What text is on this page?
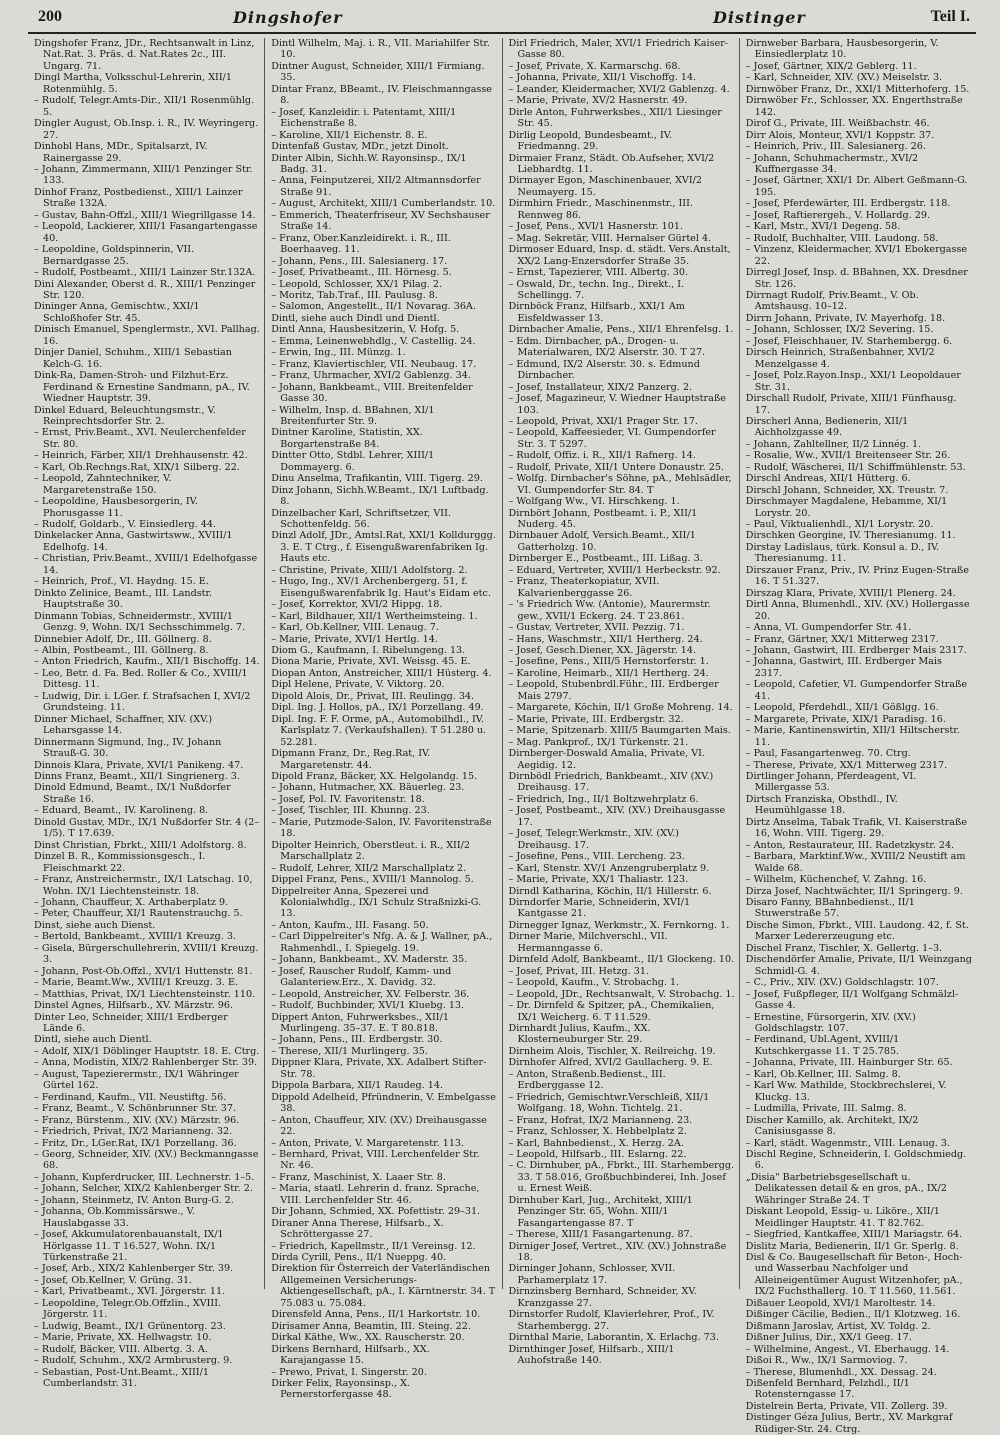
200	Dingshofer	Distinger	Teil I.

Dingshofer Franz, JDr., Rechtsanwalt in Linz, Nat.Rat. 3. Präs. d. Nat.Rates 2c., III. Ungarg. 71.

Dingl Martha, Volksschul-Lehrerin, XII/1 Rotenmühlg. 5.

– Rudolf, Telegr.Amts-Dir., XII/1 Rosenmühlg. 5.

Dingler August, Ob.Insp. i. R., IV. Weyringerg. 27.

Dinhobl Hans, MDr., Spitalsarzt, IV. Rainergasse 29.

– Johann, Zimmermann, XIII/1 Penzinger Str. 133.

Dinhof Franz, Postbedienst., XIII/1 Lainzer Straße 132A.

– Gustav, Bahn-Offzl., XIII/1 Wiegrillgasse 14.

– Leopold, Lackierer, XIII/1 Fasangartengasse 40.

– Leopoldine, Goldspinnerin, VII. Bernardgasse 25.

– Rudolf, Postbeamt., XIII/1 Lainzer Str.132A.

Dini Alexander, Oberst d. R., XIII/1 Penzinger Str. 120.

Dininger Anna, Gemischtw., XXI/1 Schloßhofer Str. 45.

Dinisch Emanuel, Spenglermstr., XVI. Pallhag. 16.

Dinjer Daniel, Schuhm., XIII/1 Sebastian Kelch-G. 16.

Dink-Ra, Damen-Stroh- und Filzhut-Erz. Ferdinand & Ernestine Sandmann, pA., IV. Wiedner Hauptstr. 39.

Dinkel Eduard, Beleuchtungsmstr., V. Reinprechtsdorfer Str. 2.

– Ernst, Priv.Beamt., XVI. Neulerchenfelder Str. 80.

– Heinrich, Färber, XII/1 Drehhausenstr. 42.

– Karl, Ob.Rechngs.Rat, XIX/1 Silberg. 22.

– Leopold, Zahntechniker, V. Margaretenstraße 150.

– Leopoldine, Hausbesorgerin, IV. Phorusgasse 11.

– Rudolf, Goldarb., V. Einsiedlerg. 44.

Dinkelacker Anna, Gastwirtsww., XVIII/1 Edelhofg. 14.

– Christian, Priv.Beamt., XVIII/1 Edelhofgasse 14.

– Heinrich, Prof., VI. Haydng. 15. E.

Dinkto Zelinice, Beamt., III. Landstr. Hauptstraße 30.

Dinmann Tobias, Schneidermstr., XVIII/1 Genzg. 9, Wohn. IX/1 Sechsschimmelg. 7.

Dinnebier Adolf, Dr., III. Göllnerg. 8.

– Albin, Postbeamt., III. Göllnerg. 8.

– Anton Friedrich, Kaufm., XII/1 Bischoffg. 14.

– Leo, Betr. d. Fa. Bed. Roller & Co., XVIII/1 Dittesg. 11.

– Ludwig, Dir. i. LGer. f. Strafsachen I, XVI/2 Grundsteing. 11.

Dinner Michael, Schaffner, XIV. (XV.) Leharsgasse 14.

Dinnermann Sigmund, Ing., IV. Johann Strauß-G. 30.

Dinnois Klara, Private, XVI/1 Panikeng. 47.

Dinns Franz, Beamt., XII/1 Singrienerg. 3.

Dinold Edmund, Beamt., IX/1 Nußdorfer Straße 16.

– Eduard, Beamt., IV. Karolineng. 8.

Dinold Gustav, MDr., IX/1 Nußdorfer Str. 4 (2–1/5). T 17.639.

Dinst Christian, Fbrkt., XIII/1 Adolfstorg. 8.

Dinzel B. R., Kommissionsgesch., I. Fleischmarkt 22.

– Franz, Anstreichermstr., IX/1 Latschag. 10, Wohn. IX/1 Liechtensteinstr. 18.

– Johann, Chauffeur, X. Arthaberplatz 9.

– Peter, Chauffeur, XI/1 Rautenstrauchg. 5.

Dinst, siehe auch Dienst.

– Bertold, Bankbeamt., XVIII/1 Kreuzg. 3.

– Gisela, Bürgerschullehrerin, XVIII/1 Kreuzg. 3.

– Johann, Post-Ob.Offzl., XVI/1 Huttenstr. 81.

– Marie, Beamt.Ww., XVIII/1 Kreuzg. 3. E.

– Matthias, Privat, IX/1 Liechtensteinstr. 110.

Dinstel Agnes, Hilfsarb., XV. Märzstr. 96.

Dinter Leo, Schneider, XIII/1 Erdberger Lände 6.

Dintl, siehe auch Dientl.

– Adolf, XIX/1 Döblinger Hauptstr. 18. E. Ctrg.

– Anna, Modistin, XIX/2 Rahlenberger Str. 39.

– August, Tapezierermstr., IX/1 Währinger Gürtel 162.

– Ferdinand, Kaufm., VII. Neustiftg. 56.

– Franz, Beamt., V. Schönbrunner Str. 37.

– Franz, Bürstenm., XIV. (XV.) Märzstr. 96.

– Friedrich, Privat, IX/2 Marianneng. 32.

– Fritz, Dr., LGer.Rat, IX/1 Porzellang. 36.

– Georg, Schneider, XIV. (XV.) Beckmanngasse 68.

– Johann, Kupferdrucker, III. Lechnerstr. 1–5.

– Johann, Selcher, XIX/2 Kahlenberger Str. 2.

– Johann, Steinmetz, IV. Anton Burg-G. 2.

– Johanna, Ob.Kommissärswe., V. Hauslabgasse 33.

– Josef, Akkumulatorenbauanstalt, IX/1 Hörlgasse 11. T 16.527, Wohn. IX/1 Türkenstraße 21.

– Josef, Arb., XIX/2 Kahlenberger Str. 39.

– Josef, Ob.Kellner, V. Grüng. 31.

– Karl, Privatbeamt., XVI. Jörgerstr. 11.

– Leopoldine, Telegr.Ob.Offzlin., XVIII. Jörgerstr. 11.

– Ludwig, Beamt., IX/1 Grünentorg. 23.

– Marie, Private, XX. Hellwagstr. 10.

– Rudolf, Bäcker, VIII. Albertg. 3. A.

– Rudolf, Schuhm., XX/2 Armbrusterg. 9.

– Sebastian, Post-Unt.Beamt., XIII/1 Cumberlandstr. 31.

Dintl Wilhelm, Maj. i. R., VII. Mariahilfer Str. 10.

Dintner August, Schneider, XIII/1 Firmiang. 35.

Dintar Franz, BBeamt., IV. Fleischmanngasse 8.

– Josef, Kanzleidir. i. Patentamt, XIII/1 Eichenstraße 8.

– Karoline, XII/1 Eichenstr. 8. E.

Dintenfaß Gustav, MDr., jetzt Dinolt.

Dinter Albin, Sichh.W. Rayonsinsp., IX/1 Badg. 31.

– Anna, Feinputzerei, XII/2 Altmannsdorfer Straße 91.

– August, Architekt, XIII/1 Cumberlandstr. 10.

– Emmerich, Theaterfriseur, XV Sechshauser Straße 14.

– Franz, Ober.Kanzleidirekt. i. R., III. Boerhaaveg. 11.

– Johann, Pens., III. Salesianerg. 17.

– Josef, Privatbeamt., III. Hörnesg. 5.

– Leopold, Schlosser, XX/1 Pilag. 2.

– Moritz, Tab.Traf., III. Paulusg. 8.

– Salomon, Angestellt., II/1 Novarag. 36A.

Dintl, siehe auch Dindl und Dientl.

Dintl Anna, Hausbesitzerin, V. Hofg. 5.

– Emma, Leinenwebhdlg., V. Castellig. 24.

– Erwin, Ing., III. Münzg. 1.

– Franz, Klaviertischler, VII. Neubaug. 17.

– Franz, Uhrmacher, XVI/2 Gablenzg. 34.

– Johann, Bankbeamt., VIII. Breitenfelder Gasse 30.

– Wilhelm, Insp. d. BBahnen, XI/1 Breitenfurter Str. 9.

Dintner Karoline, Statistin, XX. Borgartenstraße 84.

Dintter Otto, Stdbl. Lehrer, XIII/1 Dommayerg. 6.

Dinu Anselma, Trafikantin, VIII. Tigerg. 29.

Dinz Johann, Sichh.W.Beamt., IX/1 Luftbadg. 8.

Dinzelbacher Karl, Schriftsetzer, VII. Schottenfeldg. 56.

Dinzl Adolf, JDr., Amtsl.Rat, XXI/1 Kolldurggg. 3. E. T Ctrg., f. Eisengußwarenfabriken Ig. Hauts etc.

– Christine, Private, XIII/1 Adolfstorg. 2.

– Hugo, Ing., XV/1 Archenbergerg. 51, f. Eisengußwarenfabrik Ig. Haut's Eidam etc.

– Josef, Korrektor, XVI/2 Hippg. 18.

– Karl, Bildhauer, XII/1 Wertheimsteing. 1.

– Karl, Ob.Kellner, VIII. Lenaug. 7.

– Marie, Private, XVI/1 Hertlg. 14.

Diom G., Kaufmann, I. Ribelungeng. 13.

Diona Marie, Private, XVI. Weissg. 45. E.

Diopan Anton, Anstreicher, XIII/1 Hüsterg. 4.

Dipl Helene, Private, V. Viktorg. 20.

Dipold Alois, Dr., Privat, III. Reulingg. 34.

Dipl. Ing. J. Hollos, pA., IX/1 Porzellang. 49.

Dipl. Ing. F. F. Orme, pA., Automobilhdl., IV. Karlsplatz 7. (Verkaufshallen). T 51.280 u. 52.281.

Dipmann Franz, Dr., Reg.Rat, IV. Margaretenstr. 44.

Dipold Franz, Bäcker, XX. Helgolandg. 15.

– Johann, Hutmacher, XX. Bäuerleg. 23.

– Josef, Pol. IV. Favoritenstr. 18.

– Josef, Tischler, III. Khunng. 23.

– Marie, Putzmode-Salon, IV. Favoritenstraße 18.

Dipolter Heinrich, Oberstleut. i. R., XII/2 Marschallplatz 2.

– Rudolf, Lehrer, XII/2 Marschallplatz 2.

Dippel Franz, Pens., XVIII/1 Mannolog. 5.

Dippelreiter Anna, Spezerei und Kolonialwhdlg., IX/1 Schulz Straßnizki-G. 13.

– Anton, Kaufm., III. Fasang. 50.

– Carl Dippelreiter's Nfg. A. & J. Wallner, pA., Rahmenhdl., I. Spiegelg. 19.

– Johann, Bankbeamt., XV. Maderstr. 35.

– Josef, Rauscher Rudolf, Kamm- und Galanteriew.Erz., X. Davidg. 32.

– Leopold, Anstreicher, XV. Felberstr. 36.

– Rudolf, Buchbinder, XVI/1 Kluebg. 13.

Dippert Anton, Fuhrwerksbes., XII/1 Murlingeng. 35–37. E. T 80.818.

– Johann, Pens., III. Erdbergstr. 30.

– Therese, XII/1 Murlingerg. 35.

Dippner Klara, Private, XX. Adalbert Stifter-Str. 78.

Dippola Barbara, XII/1 Raudeg. 14.

Dippold Adelheid, Pfründnerin, V. Embelgasse 38.

– Anton, Chauffeur, XIV. (XV.) Dreihausgasse 22.

– Anton, Private, V. Margaretenstr. 113.

– Bernhard, Privat, VIII. Lerchenfelder Str. Nr. 46.

– Franz, Maschinist, X. Laaer Str. 8.

– Maria, staatl. Lehrerin d. franz. Sprache, VIII. Lerchenfelder Str. 46.

Dir Johann, Schmied, XX. Pofettistr. 29–31.

Diraner Anna Therese, Hilfsarb., X. Schröttergasse 27.

– Friedrich, Kapellmstr., II/1 Vereinsg. 12.

Dirda Cyrill, Pens., II/1 Nueppg. 40.

Direktion für Österreich der Vaterländischen Allgemeinen Versicherungs-Aktiengesellschaft, pA., I. Kärntnerstr. 34. T 75.083 u. 75.084.

Dirensfeld Anna, Pens., II/1 Harkortstr. 10.

Dirisamer Anna, Beamtin, III. Steing. 22.

Dirkal Käthe, Ww., XX. Rauscherstr. 20.

Dirkens Bernhard, Hilfsarb., XX. Karajangasse 15.

– Prewo, Privat, I. Singerstr. 20.

Dirker Felix, Rayonsinsp., X. Pernerstorfergasse 48.

Dirl Friedrich, Maler, XVI/1 Friedrich Kaiser-Gasse 80.

– Josef, Private, X. Karmarschg. 68.

– Johanna, Private, XII/1 Vischoffg. 14.

– Leander, Kleidermacher, XVI/2 Gablenzg. 4.

– Marie, Private, XV/2 Hasnerstr. 49.

Dirle Anton, Fuhrwerksbes., XII/1 Liesinger Str. 45.

Dirlig Leopold, Bundesbeamt., IV. Friedmanng. 29.

Dirmaier Franz, Städt. Ob.Aufseher, XVI/2 Liebhardtg. 11.

Dirmayer Egon, Maschinenbauer, XVI/2 Neumayerg. 15.

Dirmhirn Friedr., Maschinenmstr., III. Rennweg 86.

– Josef, Pens., XVI/1 Hasnerstr. 101.

– Mag. Sekretär, VIII. Hernalser Gürtel 4.

Dirmoser Eduard, Insp. d. städt. Vers.Anstalt, XX/2 Lang-Enzersdorfer Straße 35.

– Ernst, Tapezierer, VIII. Albertg. 30.

– Oswald, Dr., techn. Ing., Direkt., I. Schellingg. 7.

Dirnböck Franz, Hilfsarb., XXI/1 Am Eisfeldwasser 13.

Dirnbacher Amalie, Pens., XII/1 Ehrenfelsg. 1.

– Edm. Dirnbacher, pA., Drogen- u. Materialwaren, IX/2 Alserstr. 30. T 27.

– Edmund, IX/2 Alserstr. 30. s. Edmund Dirnbacher.

– Josef, Installateur, XIX/2 Panzerg. 2.

– Josef, Magazineur, V. Wiedner Hauptstraße 103.

– Leopold, Privat, XXI/1 Prager Str. 17.

– Leopold, Kaffeesieder, VI. Gumpendorfer Str. 3. T 5297.

– Rudolf, Offiz. i. R., XII/1 Rafnerg. 14.

– Rudolf, Private, XII/1 Untere Donaustr. 25.

– Wolfg. Dirnbacher's Söhne, pA., Mehlsädler, VI. Gumpendorfer Str. 84. T

– Wolfgang Ww., VI. Hirschkeng. 1.

Dirnbört Johann, Postbeamt. i. P., XII/1 Nuderg. 45.

Dirnbauer Adolf, Versich.Beamt., XII/1 Gatterholzg. 10.

Dirnberger E., Postbeamt., III. Lißag. 3.

– Eduard, Vertreter, XVIII/1 Herbeckstr. 92.

– Franz, Theaterkopiatur, XVII. Kalvarienberggasse 26.

– 's Friedrich Ww. (Antonie), Maurermstr. gew., XVII/1 Eckerg. 24. T 23.861.

– Gustav, Vertreter, XVII. Pezzig. 71.

– Hans, Waschmstr., XII/1 Hertherg. 24.

– Josef, Gesch.Diener, XX. Jägerstr. 14.

– Josefine, Pens., XIII/5 Hernstorferstr. 1.

– Karoline, Heimarb., XII/1 Hertherg. 24.

– Leopold, Stubenbrdl.Führ., III. Erdberger Mais 2797.

– Margarete, Köchin, II/1 Große Mohreng. 14.

– Marie, Private, III. Erdbergstr. 32.

– Marie, Spitzenarb. XIII/5 Baumgarten Mais.

– Mag. Pankprof., IX/1 Türkenstr. 21.

Dirnberger-Doswald Amalia, Private, VI. Aegidig. 12.

Dirnbödl Friedrich, Bankbeamt., XIV (XV.) Dreihausg. 17.

– Friedrich, Ing., II/1 Boltzwehrplatz 6.

– Josef, Postbeamt., XIV. (XV.) Dreihausgasse 17.

– Josef, Telegr.Werkmstr., XIV. (XV.) Dreihausg. 17.

– Josefine, Pens., VIII. Lercheng. 23.

– Karl, Stenstr. XV/1 Anzengruberplatz 9.

– Marie, Private, XX/1 Thaliastr. 123.

Dirndl Katharina, Köchin, II/1 Hillerstr. 6.

Dirndorfer Marie, Schneiderin, XVI/1 Kantgasse 21.

Dirnegger Ignaz, Werkmstr., X. Fernkorng. 1.

Dirner Marie, Milchverschl., VII. Hermanngasse 6.

Dirnfeld Adolf, Bankbeamt., II/1 Glockeng. 10.

– Josef, Privat, III. Hetzg. 31.

– Leopold, Kaufm., V. Strobachg. 1.

– Leopold, JDr., Rechtsanwalt, V. Strobachg. 1.

– Dr. Dirnfeld & Spitzer, pA., Chemikalien, IX/1 Weicherg. 6. T 11.529.

Dirnhardt Julius, Kaufm., XX. Klosterneuburger Str. 29.

Dirnheim Alois, Tischler, X. Reilreichg. 19.

Dirnhofer Alfred, XVI/2 Gaullacherg. 9. E.

– Anton, Straßenb.Bedienst., III. Erdberggasse 12.

– Friedrich, Gemischtwr.Verschleiß, XII/1 Wolfgang. 18, Wohn. Tichtelg. 21.

– Franz, Hofrat, IX/2 Marianneng. 23.

– Franz, Schlosser, X. Hebbelplatz 2.

– Karl, Bahnbedienst., X. Herzg. 2A.

– Leopold, Hilfsarb., III. Eslarng. 22.

– C. Dirnhuber, pA., Fbrkt., III. Starhembergg. 33. T 58.016, Großbuchbinderei, Inh. Josef u. Ernest Weiß.

Dirnhuber Karl, Jug., Architekt, XIII/1 Penzinger Str. 65, Wohn. XIII/1 Fasangartengasse 87. T

– Therese, XIII/1 Fasangartenung. 87.

Dirniger Josef, Vertret., XIV. (XV.) Johnstraße 18.

Dirninger Johann, Schlosser, XVII. Parhamerplatz 17.

Dirnzinsberg Bernhard, Schneider, XV. Kranzgasse 27.

Dirnstorfer Rudolf, Klavierlehrer, Prof., IV. Starhembergg. 27.

Dirnthal Marie, Laborantin, X. Erlachg. 73.

Dirnthinger Josef, Hilfsarb., XIII/1 Auhofstraße 140.

Dirnweber Barbara, Hausbesorgerin, V. Einsiedlerplatz 10.

– Josef, Gärtner, XIX/2 Geblerg. 11.

– Karl, Schneider, XIV. (XV.) Meiselstr. 3.

Dirnwöber Franz, Dr., XXI/1 Mitterhoferg. 15.

Dirnwöber Fr., Schlosser, XX. Engerthstraße 142.

Dirof G., Private, III. Weißbachstr. 46.

Dirr Alois, Monteur, XVI/1 Koppstr. 37.

– Heinrich, Priv., III. Salesianerg. 26.

– Johann, Schuhmachermstr., XVI/2 Kuffnergasse 34.

– Josef, Gärtner, XXI/1 Dr. Albert Geßmann-G. 195.

– Josef, Pferdewärter, III. Erdbergstr. 118.

– Josef, Raftierergeh., V. Hollardg. 29.

– Karl, Mstr., XVI/1 Degeng. 58.

– Rudolf, Buchhalter, VIII. Laudong. 58.

– Vinzenz, Kleidermacher, XVI/1 Ebokergasse 22.

Dirregl Josef, Insp. d. BBahnen, XX. Dresdner Str. 126.

Dirrnagt Rudolf, Priv.Beamt., V. Ob. Amtshausg. 10–12.

Dirrn Johann, Private, IV. Mayerhofg. 18.

– Johann, Schlosser, IX/2 Severing. 15.

– Josef, Fleischhauer, IV. Starhembergg. 6.

Dirsch Heinrich, Straßenbahner, XVI/2 Menzelgasse 4.

– Josef, Polz.Rayon.Insp., XXI/1 Leopoldauer Str. 31.

Dirschall Rudolf, Private, XIII/1 Fünfhausg. 17.

Dirscherl Anna, Bedienerin, XII/1 Aichholzgasse 49.

– Johann, Zahltellner, II/2 Linnég. 1.

– Rosalie, Ww., XVII/1 Breitenseer Str. 26.

– Rudolf, Wäscherei, II/1 Schiffmühlenstr. 53.

Dirschl Andreas, XII/1 Hütterg. 6.

Dirschl Johann, Schneider, XX. Treustr. 7.

Dirschmayer Magdalene, Hebamme, XI/1 Lorystr. 20.

– Paul, Viktualienhdl., XI/1 Lorystr. 20.

Dirschken Georgine, IV. Theresianumg. 11.

Dirstay Ladislaus, türk. Konsul a. D., IV. Theresianumg. 11.

Dirszauer Franz, Priv., IV. Prinz Eugen-Straße 16. T 51.327.

Dirszag Klara, Private, XVIII/1 Plenerg. 24.

Dirtl Anna, Blumenhdl., XIV. (XV.) Hollergasse 20.

– Anna, VI. Gumpendorfer Str. 41.

– Franz, Gärtner, XX/1 Mitterweg 2317.

– Johann, Gastwirt, III. Erdberger Mais 2317.

– Johanna, Gastwirt, III. Erdberger Mais 2317.

– Leopold, Cafetier, VI. Gumpendorfer Straße 41.

– Leopold, Pferdehdl., XII/1 Gößlgg. 16.

– Margarete, Private, XIX/1 Paradisg. 16.

– Marie, Kantinenswirtin, XII/1 Hiltscherstr. 11.

– Paul, Fasangartenweg. 70. Ctrg.

– Therese, Private, XX/1 Mitterweg 2317.

Dirtlinger Johann, Pferdeagent, VI. Millergasse 53.

Dirtsch Franziska, Obsthdl., IV. Heumühlgasse 18.

Dirtz Anselma, Tabak Trafik, VI. Kaiserstraße 16, Wohn. VIII. Tigerg. 29.

– Anton, Restaurateur, III. Radetzkystr. 24.

– Barbara, Marktinf.Ww., XVIII/2 Neustift am Walde 68.

– Wilhelm, Küchenchef, V. Zahng. 16.

Dirza Josef, Nachtwächter, II/1 Springerg. 9.

Disaro Fanny, BBahnbedienst., II/1 Stuwerstraße 57.

Dische Simon, Fbrkt., VIII. Laudong. 42, f. St. Marxer Ledererzeugung etc.

Dischel Franz, Tischler, X. Gellertg. 1–3.

Dischendörfer Amalie, Private, II/1 Weinzgang Schmidl-G. 4.

– C., Priv., XIV. (XV.) Goldschlagstr. 107.

– Josef, Fußpfleger, II/1 Wolfgang Schmälzl-Gasse 4.

– Ernestine, Fürsorgerin, XIV. (XV.) Goldschlagstr. 107.

– Ferdinand, Ubl.Agent, XVIII/1 Kutschkergasse 11. T 25.785.

– Johanna, Private, III. Hainburger Str. 65.

– Karl, Ob.Kellner, III. Salmg. 8.

– Karl Ww. Mathilde, Stockbrechslerei, V. Kluckg. 13.

– Ludmilla, Private, III. Salmg. 8.

Discher Kamillo, ak. Architekt, IX/2 Canisiusgasse 8.

– Karl, städt. Wagenmstr., VIII. Lenaug. 3.

Dischl Regine, Schneiderin, I. Goldschmiedg. 6.

„Disia" Barbetriebsgesellschaft u. Delikatessen detail & en gros, pA., IX/2 Währinger Straße 24. T

Diskant Leopold, Essig- u. Liköre., XII/1 Meidlinger Hauptstr. 41. T 82.762.

– Siegfried, Kantkaffee, XIII/1 Mariagstr. 64.

Dislitz Maria, Bedienerin, II/1 Gr. Sperlg. 8.

Disl & Co. Baugesellschaft für Beton-, Hoch- und Wasserbau Nachfolger und Alleineigentümer August Witzenhofer, pA., IX/2 Fuchsthallerg. 10. T 11.560, 11.561.

Dißauer Leopold, XVI/1 Maroltestr. 14.

Dißinger Cäcilie, Bedien., II/1 Klotzweg. 16.

Dißmann Jaroslav, Artist, XV. Toldg. 2.

Dißner Julius, Dir., XX/1 Geeg. 17.

– Wilhelmine, Angest., VI. Eberhaugg. 14.

Dißoi R., Ww., IX/1 Sarmoviog. 7.

– Therese, Blumenhdl., XX. Dessag. 24.

Dißenfeld Bernhard, Pelzhdl., II/1 Rotensterngasse 17.

Distelrein Berta, Private, VII. Zollerg. 39.

Distinger Géza Julius, Bertr., XV. Markgraf Rüdiger-Str. 24. Ctrg.
